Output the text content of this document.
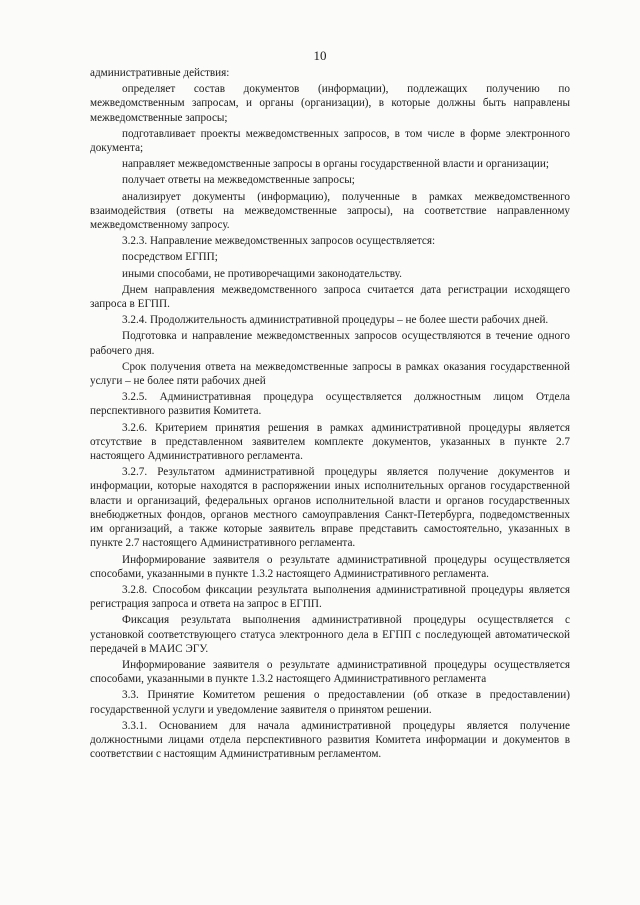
10

административные действия:

определяет состав документов (информации), подлежащих получению по межведомственным запросам, и органы (организации), в которые должны быть направлены межведомственные запросы;

подготавливает проекты межведомственных запросов, в том числе в форме электронного документа;

направляет межведомственные запросы в органы государственной власти и организации;

получает ответы на межведомственные запросы;

анализирует документы (информацию), полученные в рамках межведомственного взаимодействия (ответы на межведомственные запросы), на соответствие направленному межведомственному запросу.

3.2.3. Направление межведомственных запросов осуществляется:

посредством ЕГПП;

иными способами, не противоречащими законодательству.

Днем направления межведомственного запроса считается дата регистрации исходящего запроса в ЕГПП.

3.2.4. Продолжительность административной процедуры – не более шести рабочих дней.

Подготовка и направление межведомственных запросов осуществляются в течение одного рабочего дня.

Срок получения ответа на межведомственные запросы в рамках оказания государственной услуги – не более пяти рабочих дней

3.2.5. Административная процедура осуществляется должностным лицом Отдела перспективного развития Комитета.

3.2.6. Критерием принятия решения в рамках административной процедуры является отсутствие в представленном заявителем комплекте документов, указанных в пункте 2.7 настоящего Административного регламента.

3.2.7. Результатом административной процедуры является получение документов и информации, которые находятся в распоряжении иных исполнительных органов государственной власти и организаций, федеральных органов исполнительной власти и органов государственных внебюджетных фондов, органов местного самоуправления Санкт-Петербурга, подведомственных им организаций, а также которые заявитель вправе представить самостоятельно, указанных в пункте 2.7 настоящего Административного регламента.

Информирование заявителя о результате административной процедуры осуществляется способами, указанными в пункте 1.3.2 настоящего Административного регламента.

3.2.8. Способом фиксации результата выполнения административной процедуры является регистрация запроса и ответа на запрос в ЕГПП.

Фиксация результата выполнения административной процедуры осуществляется с установкой соответствующего статуса электронного дела в ЕГПП с последующей автоматической передачей в МАИС ЭГУ.

Информирование заявителя о результате административной процедуры осуществляется способами, указанными в пункте 1.3.2 настоящего Административного регламента

3.3. Принятие Комитетом решения о предоставлении (об отказе в предоставлении) государственной услуги и уведомление заявителя о принятом решении.

3.3.1. Основанием для начала административной процедуры является получение должностными лицами отдела перспективного развития Комитета информации и документов в соответствии с настоящим Административным регламентом.
